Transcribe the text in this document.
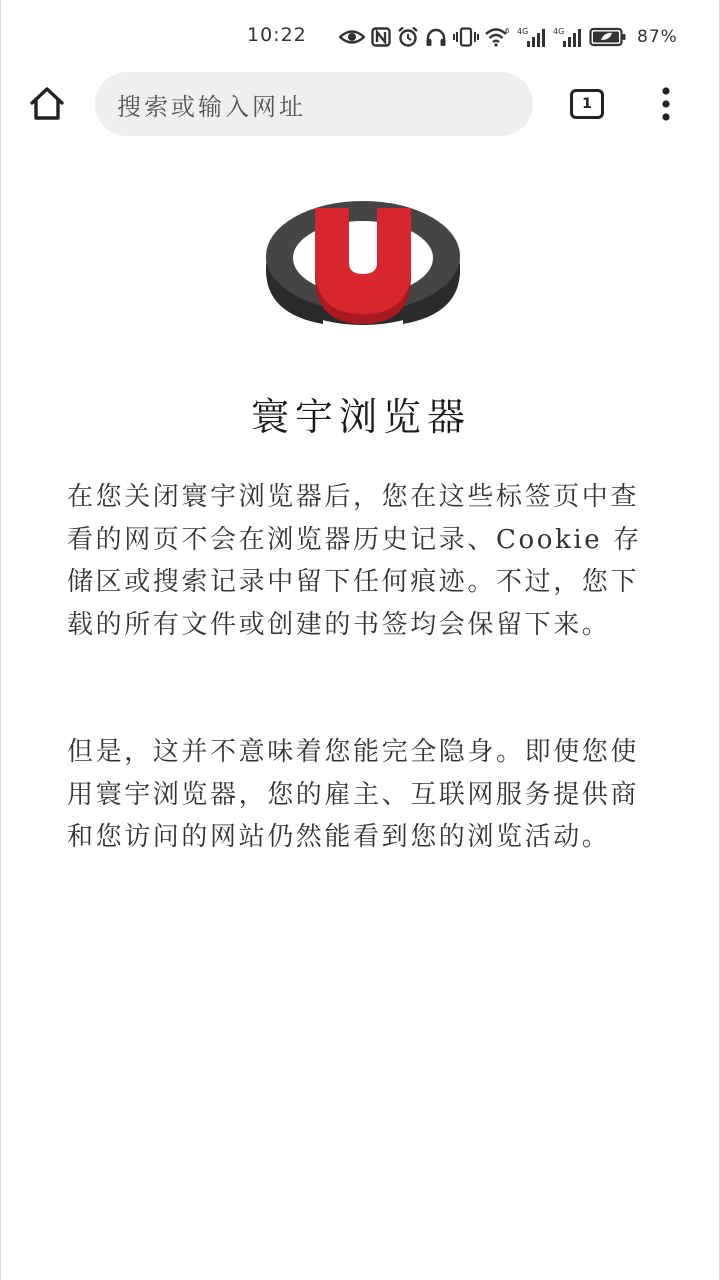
10:22	6 4G	4G	87%
搜索或输入网址	1
寰宇浏览器

在您关闭寰宇浏览器后，您在这些标签页中查看的网页不会在浏览器历史记录、Cookie 存储区或搜索记录中留下任何痕迹。不过，您下载的所有文件或创建的书签均会保留下来。

但是，这并不意味着您能完全隐身。即使您使用寰宇浏览器，您的雇主、互联网服务提供商和您访问的网站仍然能看到您的浏览活动。
